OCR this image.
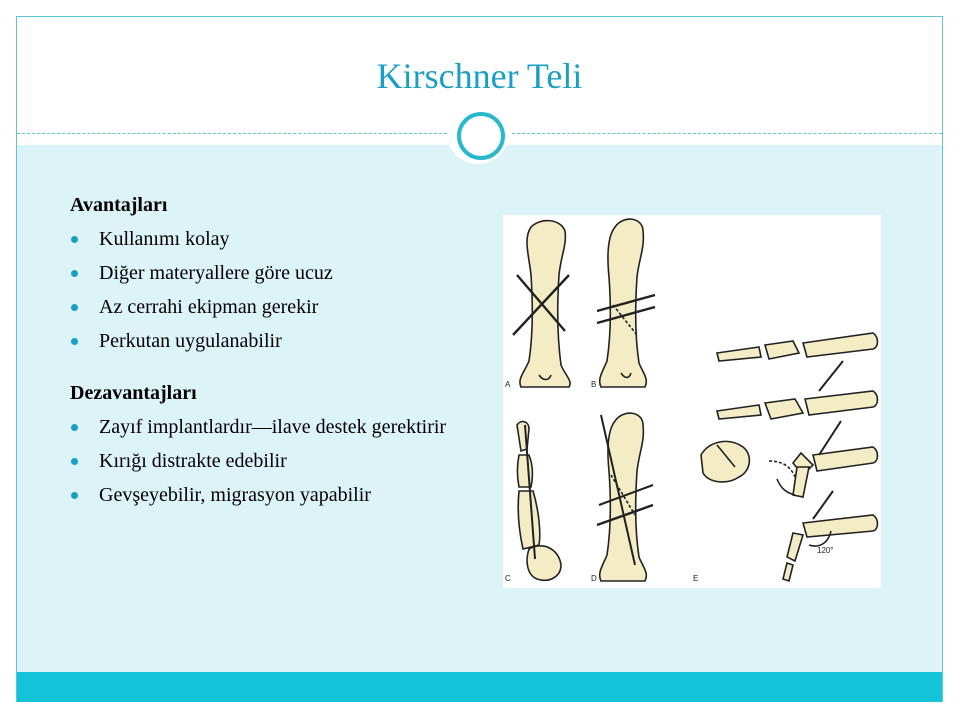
Kirschner Teli
Avantajları
Kullanımı kolay
Diğer materyallere göre ucuz
Az cerrahi ekipman gerekir
Perkutan uygulanabilir
Dezavantajları
Zayıf implantlardır—ilave destek gerektirir
Kırığı distrakte edebilir
Gevşeyebilir, migrasyon yapabilir
A	B
C	D	E
120°
